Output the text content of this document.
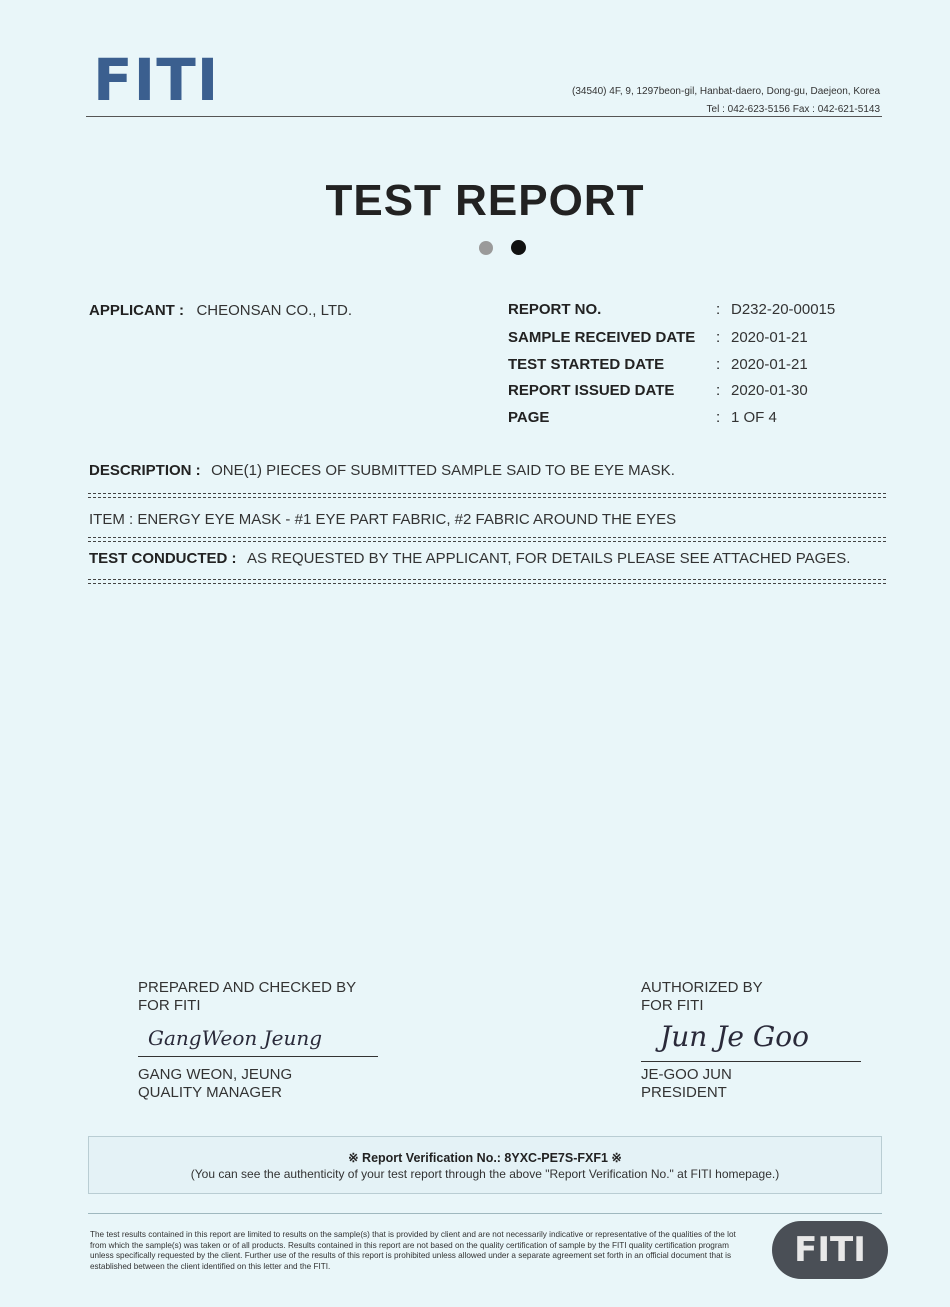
FITI	(34540) 4F, 9, 1297beon-gil, Hanbat-daero, Dong-gu, Daejeon, Korea
Tel : 042-623-5156 Fax : 042-621-5143
TEST REPORT
APPLICANT : CHEONSAN CO., LTD.	REPORT NO.	: D232-20-00015
SAMPLE RECEIVED DATE	: 2020-01-21
TEST STARTED DATE	: 2020-01-21
REPORT ISSUED DATE	: 2020-01-30
PAGE	: 1 OF 4
DESCRIPTION : ONE(1) PIECES OF SUBMITTED SAMPLE SAID TO BE EYE MASK.
ITEM : ENERGY EYE MASK - #1 EYE PART FABRIC, #2 FABRIC AROUND THE EYES
TEST CONDUCTED : AS REQUESTED BY THE APPLICANT, FOR DETAILS PLEASE SEE ATTACHED PAGES.
PREPARED AND CHECKED BY
FOR FITI
GangWeon Jeung
GANG WEON, JEUNG
QUALITY MANAGER
AUTHORIZED BY
FOR FITI
Jun Je Goo
JE-GOO JUN
PRESIDENT
※ Report Verification No.: 8YXC-PE7S-FXF1 ※
(You can see the authenticity of your test report through the above "Report Verification No." at FITI homepage.)
The test results contained in this report are limited to results on the sample(s) that is provided by client and are not necessarily indicative or representative of the qualities of the lot from which the sample(s) was taken or of all products. Results contained in this report are not based on the quality certification of sample by the FITI quality certification program unless specifically requested by the client. Further use of the results of this report is prohibited unless allowed under a separate agreement set forth in an official document that is established between the client identified on this letter and the FITI.	FITI
